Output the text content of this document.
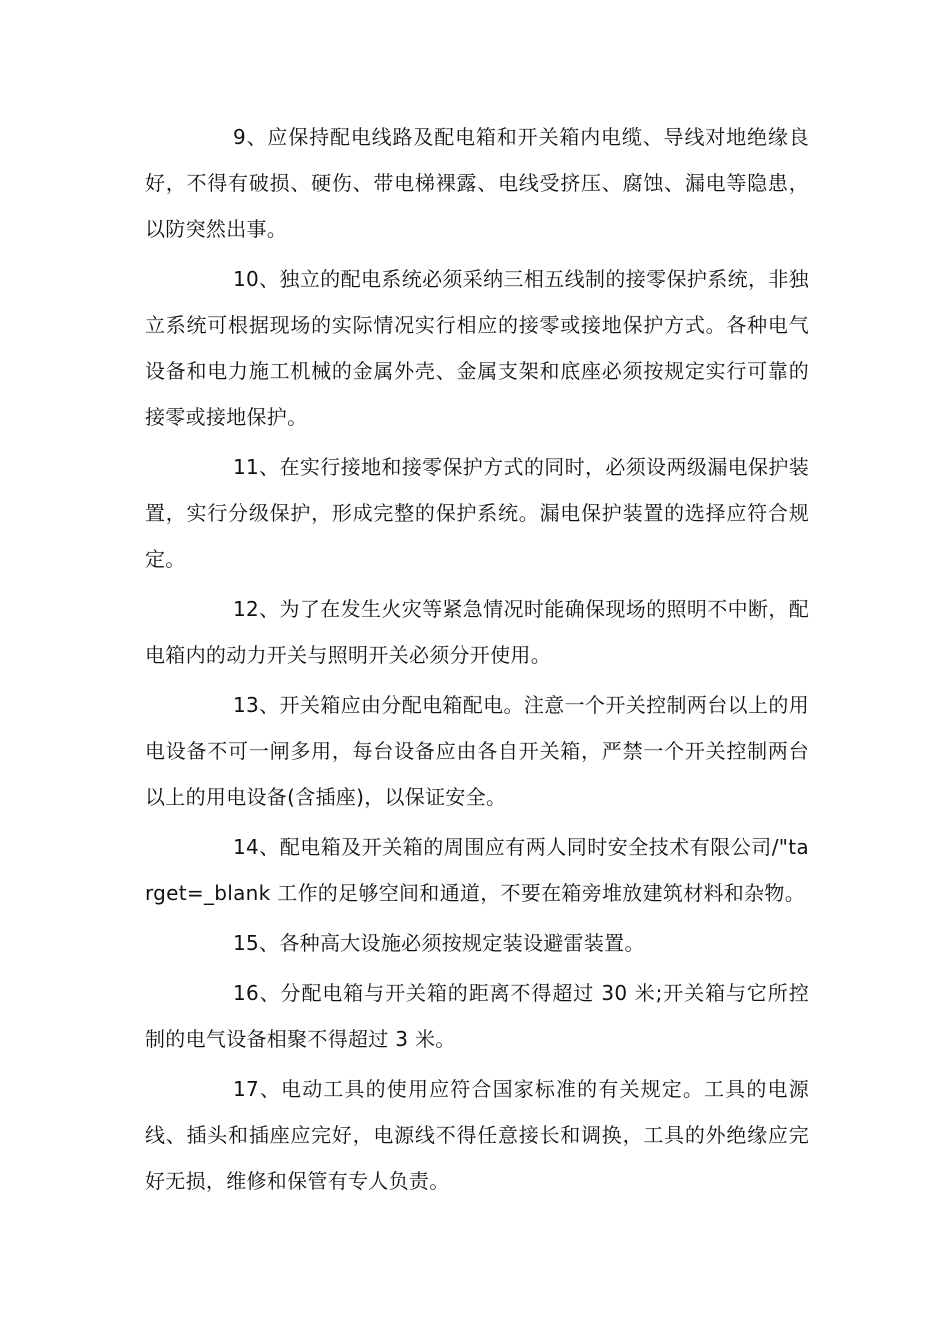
9、应保持配电线路及配电箱和开关箱内电缆、导线对地绝缘良好，不得有破损、硬伤、带电梯裸露、电线受挤压、腐蚀、漏电等隐患，以防突然出事。

10、独立的配电系统必须采纳三相五线制的接零保护系统，非独立系统可根据现场的实际情况实行相应的接零或接地保护方式。各种电气设备和电力施工机械的金属外壳、金属支架和底座必须按规定实行可靠的接零或接地保护。

11、在实行接地和接零保护方式的同时，必须设两级漏电保护装置，实行分级保护，形成完整的保护系统。漏电保护装置的选择应符合规定。

12、为了在发生火灾等紧急情况时能确保现场的照明不中断，配电箱内的动力开关与照明开关必须分开使用。

13、开关箱应由分配电箱配电。注意一个开关控制两台以上的用电设备不可一闸多用，每台设备应由各自开关箱，严禁一个开关控制两台以上的用电设备(含插座)，以保证安全。

14、配电箱及开关箱的周围应有两人同时安全技术有限公司/"target=_blank 工作的足够空间和通道，不要在箱旁堆放建筑材料和杂物。

15、各种高大设施必须按规定装设避雷装置。

16、分配电箱与开关箱的距离不得超过 30 米;开关箱与它所控制的电气设备相聚不得超过 3 米。

17、电动工具的使用应符合国家标准的有关规定。工具的电源线、插头和插座应完好，电源线不得任意接长和调换，工具的外绝缘应完好无损，维修和保管有专人负责。
